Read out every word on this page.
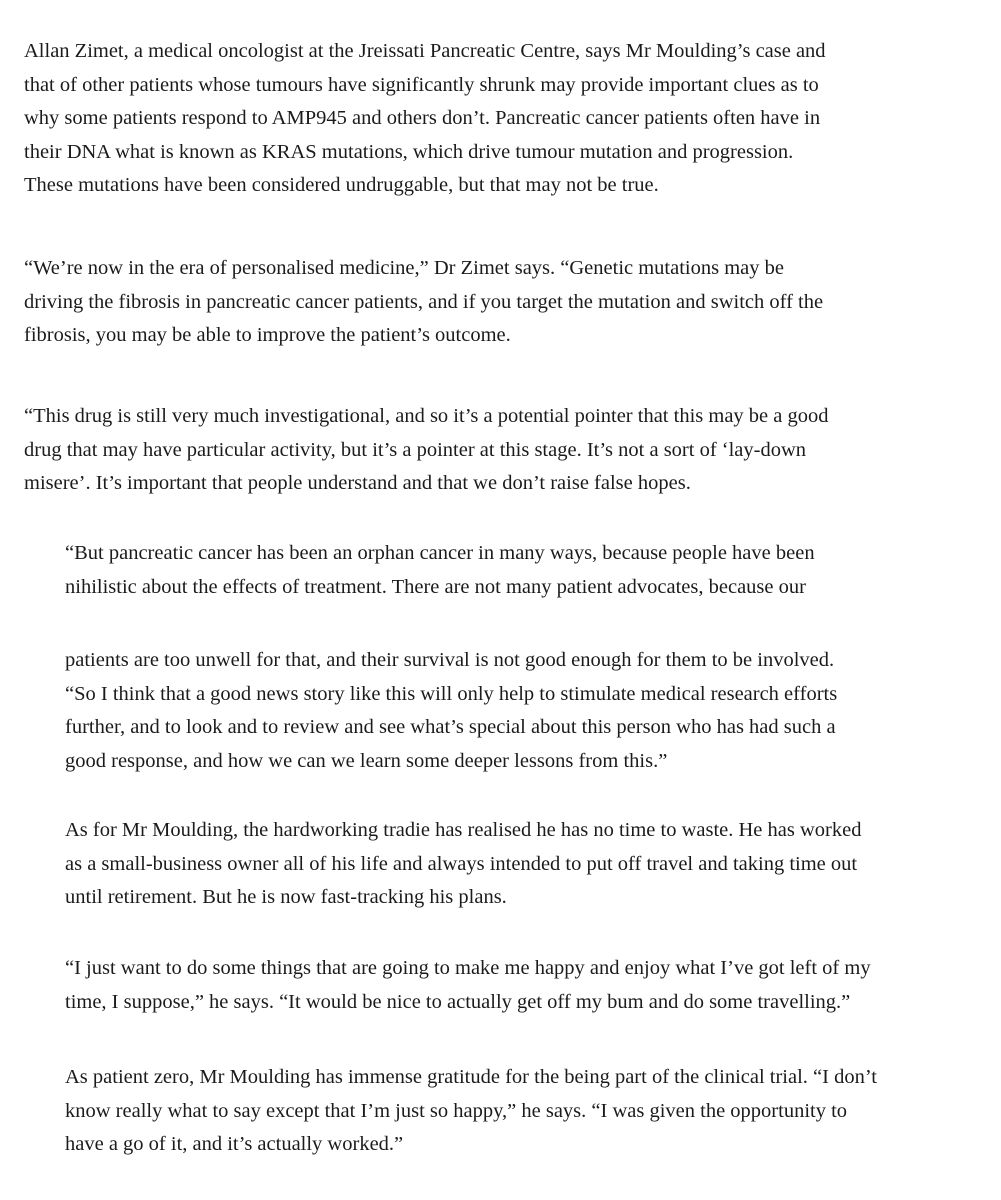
Allan Zimet, a medical oncologist at the Jreissati Pancreatic Centre, says Mr Moulding’s case and
that of other patients whose tumours have significantly shrunk may provide important clues as to
why some patients respond to AMP945 and others don’t. Pancreatic cancer patients often have in
their DNA what is known as KRAS mutations, which drive tumour mutation and progression.
These mutations have been considered undruggable, but that may not be true.

“We’re now in the era of personalised medicine,” Dr Zimet says. “Genetic mutations may be
driving the fibrosis in pancreatic cancer patients, and if you target the mutation and switch off the
fibrosis, you may be able to improve the patient’s outcome.

“This drug is still very much investigational, and so it’s a potential pointer that this may be a good
drug that may have particular activity, but it’s a pointer at this stage. It’s not a sort of ‘lay-down
misere’. It’s important that people understand and that we don’t raise false hopes.

“But pancreatic cancer has been an orphan cancer in many ways, because people have been
nihilistic about the effects of treatment. There are not many patient advocates, because our

patients are too unwell for that, and their survival is not good enough for them to be involved.
“So I think that a good news story like this will only help to stimulate medical research efforts
further, and to look and to review and see what’s special about this person who has had such a
good response, and how we can we learn some deeper lessons from this.”

As for Mr Moulding, the hardworking tradie has realised he has no time to waste. He has worked
as a small-business owner all of his life and always intended to put off travel and taking time out
until retirement. But he is now fast-tracking his plans.

“I just want to do some things that are going to make me happy and enjoy what I’ve got left of my
time, I suppose,” he says. “It would be nice to actually get off my bum and do some travelling.”

As patient zero, Mr Moulding has immense gratitude for the being part of the clinical trial. “I don’t
know really what to say except that I’m just so happy,” he says. “I was given the opportunity to
have a go of it, and it’s actually worked.”
